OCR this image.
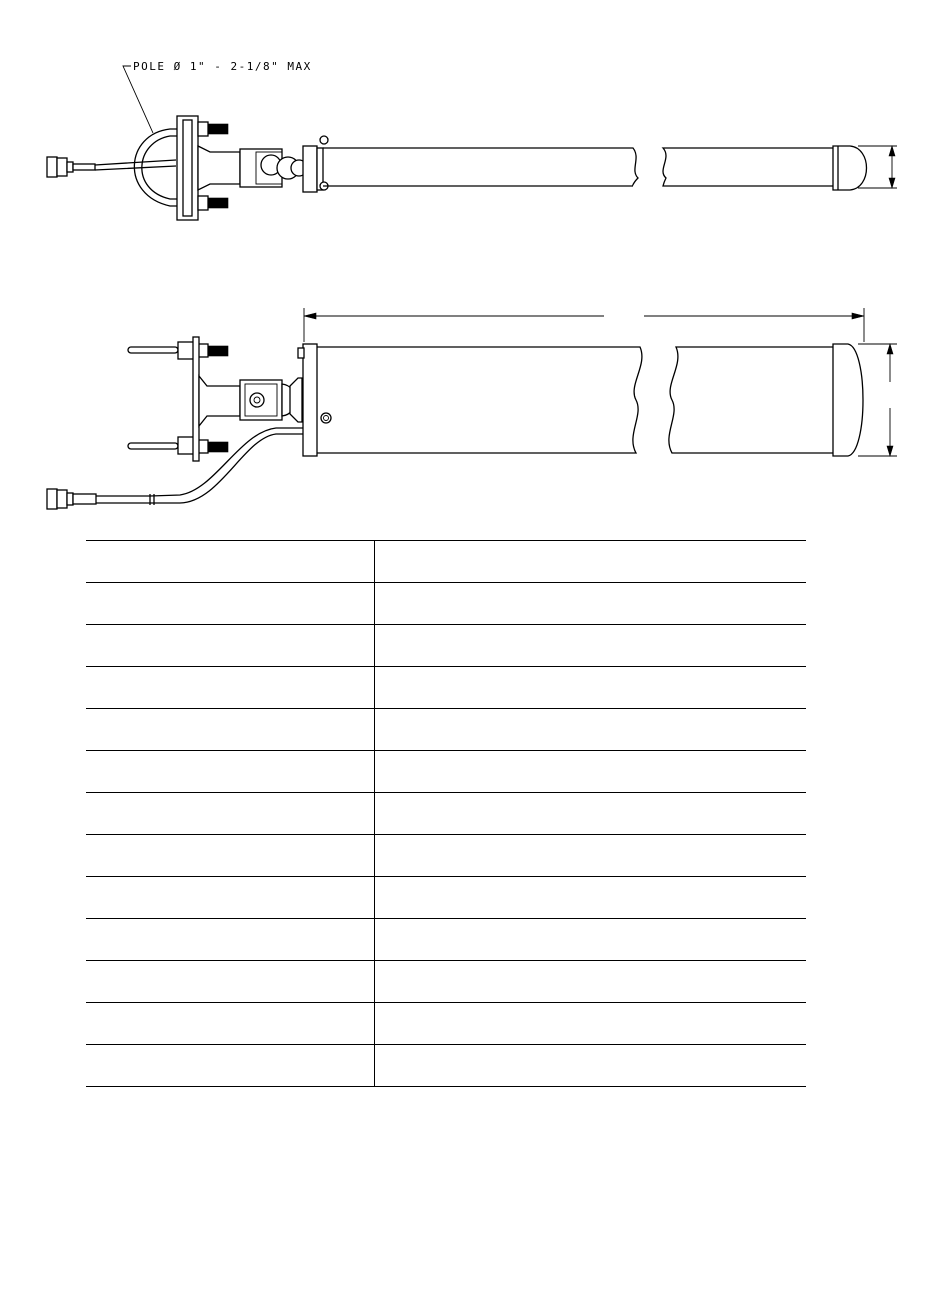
POLE Ø 1" - 2-1/8" MAX
